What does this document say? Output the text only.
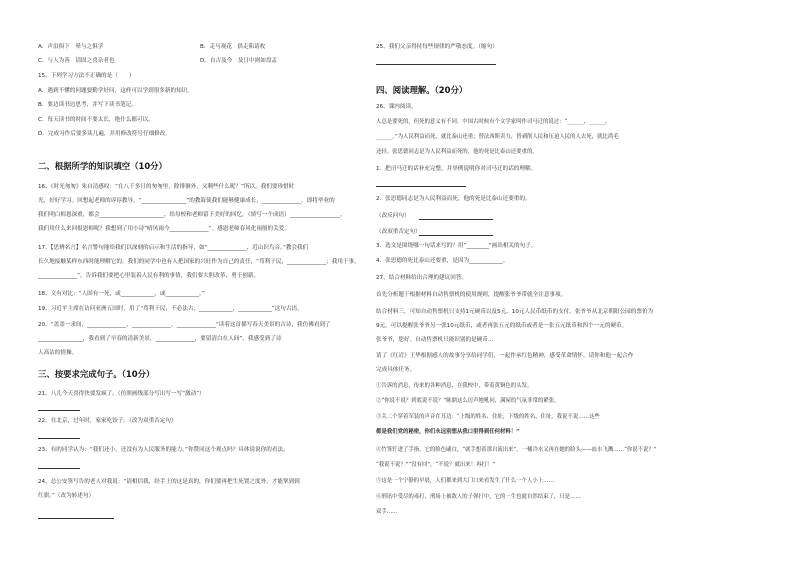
A．声泪俱下　晕与之俱学	B．走马观花　供走陷请枚
C．与人为善　请固之喜杂者也	D．自古及今　及日中则如盘盂
15、下列学习方法不正确的是（　　）
A．遇到不懂的问题要勤学好问，这样可以学到很多新的知识。
B．要边读书边思考，并写下读书笔记。
C．每天读书的时间不要太长，绝什么都可以。
D．完成习作后要多读几遍，并用修改符号仔细修改。
二、根据所学的知识填空（10分）
16、《时光匆匆》朱自清感叹：“在八千多日的匆匆里，除徘徊外，又剩些什么呢？”所以，我们要珍惜时
光，好好学习。回想起老师的谆谆教导，“________________”的教诲使我们能够健康成长，______________，即将毕业的
我们明白师恩深重，都会_______________________，给母校和老师留下美好的回忆。（填写一个成语）__________________，
我们用什么来回报恩师呢？我想到了用小诗“晴风雨今______________”。感恩老师春风化雨般的关爱。
17、【思辨名言】名言警句能给我们以深刻的启示和生活的指导，如“______________，近山识鸟音。”教会我们
长久地接触某样东西时能理解它的。我们的同学中也有人把国家的兴旺作为自己的责任，“苟利于民，______________；我用于事，
______________”，告诉我们要把心里装着人民有利的事情，我们要大胆改革，勇于创新。
18、文有对比：“人固有一死，或____________，或____________。”
19、习近平主席在访问亚洲五国时，用了“苟利于民，不必法古；____________，____________”这句古语。
20、“盖盖一求间，______________，______________，______________”读着这首描写春天美景的古诗，我仿佛看到了
________________，我看到了早春的清新美景，______________，要留清白在人间”，我感受到了诗
人高洁的情操。
三、按要求完成句子。（10分）
21、八儿今天喜得快要发疯了。（仿照画线部分写出写一写“激动”）
22、在北京，过年时，家家吃饺子。（改为双重否定句）
23、有的同学认为：“我们还小，还没有为人民服务的能力。”你赞同这个观点吗？具体说说你的看法。
24、总公安签写告的老人对我说：“请相信我，经手上的这是真的，你们要再把生死置之度外，才能掌到到
红旗。”（改为转述句）
25、我们父亲得持每些规律的严敬态度。（缩句）
四、阅读理解。（20分）
26、课内阅读。
人总是要死的，但死的意义有不同。中国古时候有个文学家叫作司马迁的说过：“______，______，
______。”为人民利益而死，就比泰山还重；替法西斯卖力，替剥削人民和压迫人民的人去死，就比鸿毛
还轻。张思德同志是为人民利益而死的，他的死是比泰山还要重的。
1．把司马迁的话补充完整，并举例说明你对司马迁的话的理解。
2．张思德同志是为人民利益而死，他的死是比泰山还要重的。
（改反问句）
（改双重否定句）
3．选文是围绕哪一句话来写的？用“________”画出相关的句子。
4．张思德的死比泰山还要重，是因为____________。
27、结合材料给出合理的建议回答。
首先分析题干根据材料自动售票机的使用规则，提醒张爷爷带就全注意事项。
结合材料三，可知自动售票机只支持1元硬币以及5元、10元人民币纸币的支付。张爷爷从北京朝阳公园的票价为
9元，可以提醒张爷爷另一张10元纸币，或者再张五元的纸币或者是一张五元纸币和四个一元的硬币。
张爷爷，您好。自动售票机只能识别的是硬币...
请了《红岩》王华根据感人的故事分享给同学们，一起作承红色精神，感受革命情怀。请你和他一起合作
完成具体任务。
①告诉的消息，传来的各种消息，在我校中，带着黄铜色的头发。
②“你说不说？到底说不说？”陈鼎这么厉声地吼问，满屋的气氛非常的紧张。
③关二个穿着军装的声音在耳边：“上级的姓名、住址，下级的姓名、住址，我说不说……这些
都是我们党的秘密，你们永远别想从我口里得到任何材料！”
④竹签钉进了手指，它的脸色刷白，“就手想着那自流出来”，一桶冷水又再在她的脸头——血水飞溅……“你说不说？”
“我说不说？”“没有回”，“不说？就出来！再打！”
⑤这是一个宁静的早晨，人们都来到大门口来看发生了什么一个人小上……
⑥刑讯中受尽的毒打，刑场上被敌人的子弹打中，它的一生也就自然结束了，只是……
双手……
